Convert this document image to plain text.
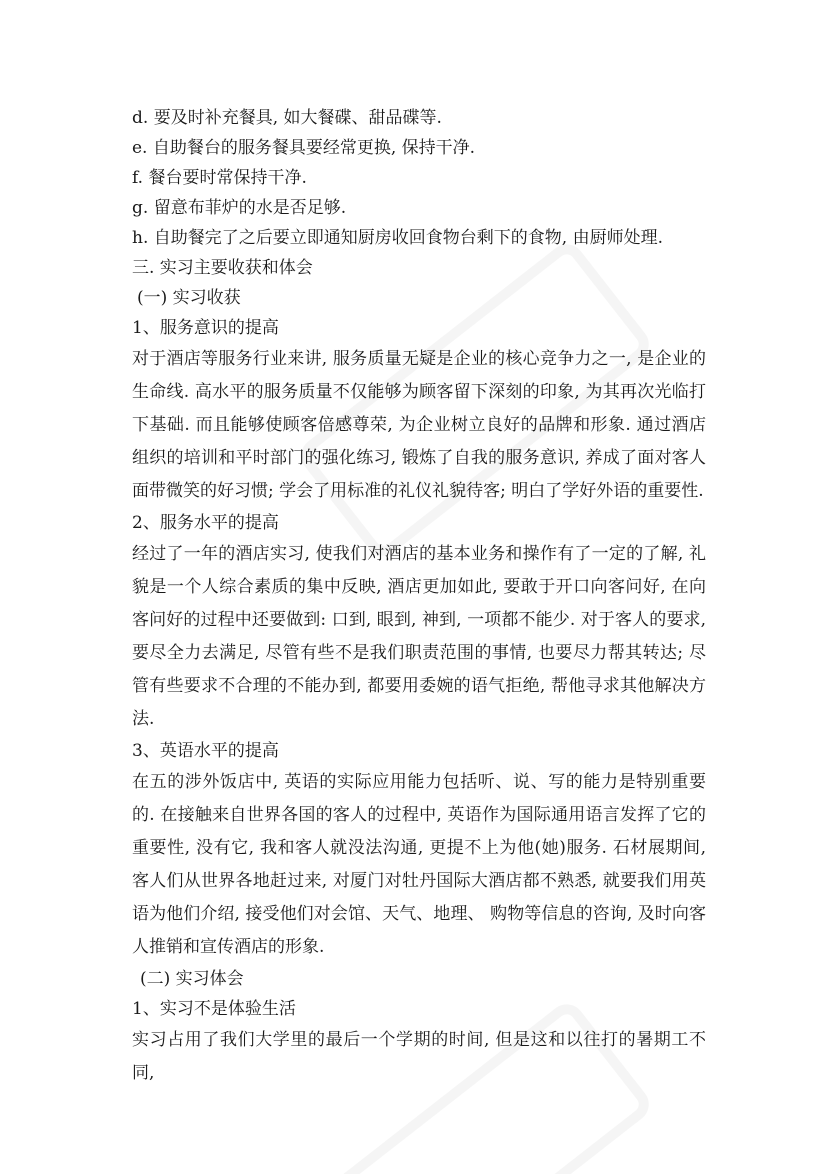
d. 要及时补充餐具, 如大餐碟、甜品碟等.
e. 自助餐台的服务餐具要经常更换, 保持干净.
f. 餐台要时常保持干净.
g. 留意布菲炉的水是否足够.
h. 自助餐完了之后要立即通知厨房收回食物台剩下的食物, 由厨师处理.
三. 实习主要收获和体会
(一) 实习收获
1、服务意识的提高

对于酒店等服务行业来讲, 服务质量无疑是企业的核心竞争力之一, 是企业的生命线. 高水平的服务质量不仅能够为顾客留下深刻的印象, 为其再次光临打下基础. 而且能够使顾客倍感尊荣, 为企业树立良好的品牌和形象. 通过酒店组织的培训和平时部门的强化练习, 锻炼了自我的服务意识, 养成了面对客人面带微笑的好习惯; 学会了用标准的礼仪礼貌待客; 明白了学好外语的重要性.

2、服务水平的提高

经过了一年的酒店实习, 使我们对酒店的基本业务和操作有了一定的了解, 礼貌是一个人综合素质的集中反映, 酒店更加如此, 要敢于开口向客问好, 在向客问好的过程中还要做到: 口到, 眼到, 神到, 一项都不能少. 对于客人的要求, 要尽全力去满足, 尽管有些不是我们职责范围的事情, 也要尽力帮其转达; 尽管有些要求不合理的不能办到, 都要用委婉的语气拒绝, 帮他寻求其他解决方法.

3、英语水平的提高

在五的涉外饭店中, 英语的实际应用能力包括听、说、写的能力是特别重要的. 在接触来自世界各国的客人的过程中, 英语作为国际通用语言发挥了它的重要性, 没有它, 我和客人就没法沟通, 更提不上为他(她)服务. 石材展期间, 客人们从世界各地赶过来, 对厦门对牡丹国际大酒店都不熟悉, 就要我们用英语为他们介绍, 接受他们对会馆、天气、地理、 购物等信息的咨询, 及时向客人推销和宣传酒店的形象.

(二) 实习体会
1、实习不是体验生活

实习占用了我们大学里的最后一个学期的时间, 但是这和以往打的暑期工不同,
